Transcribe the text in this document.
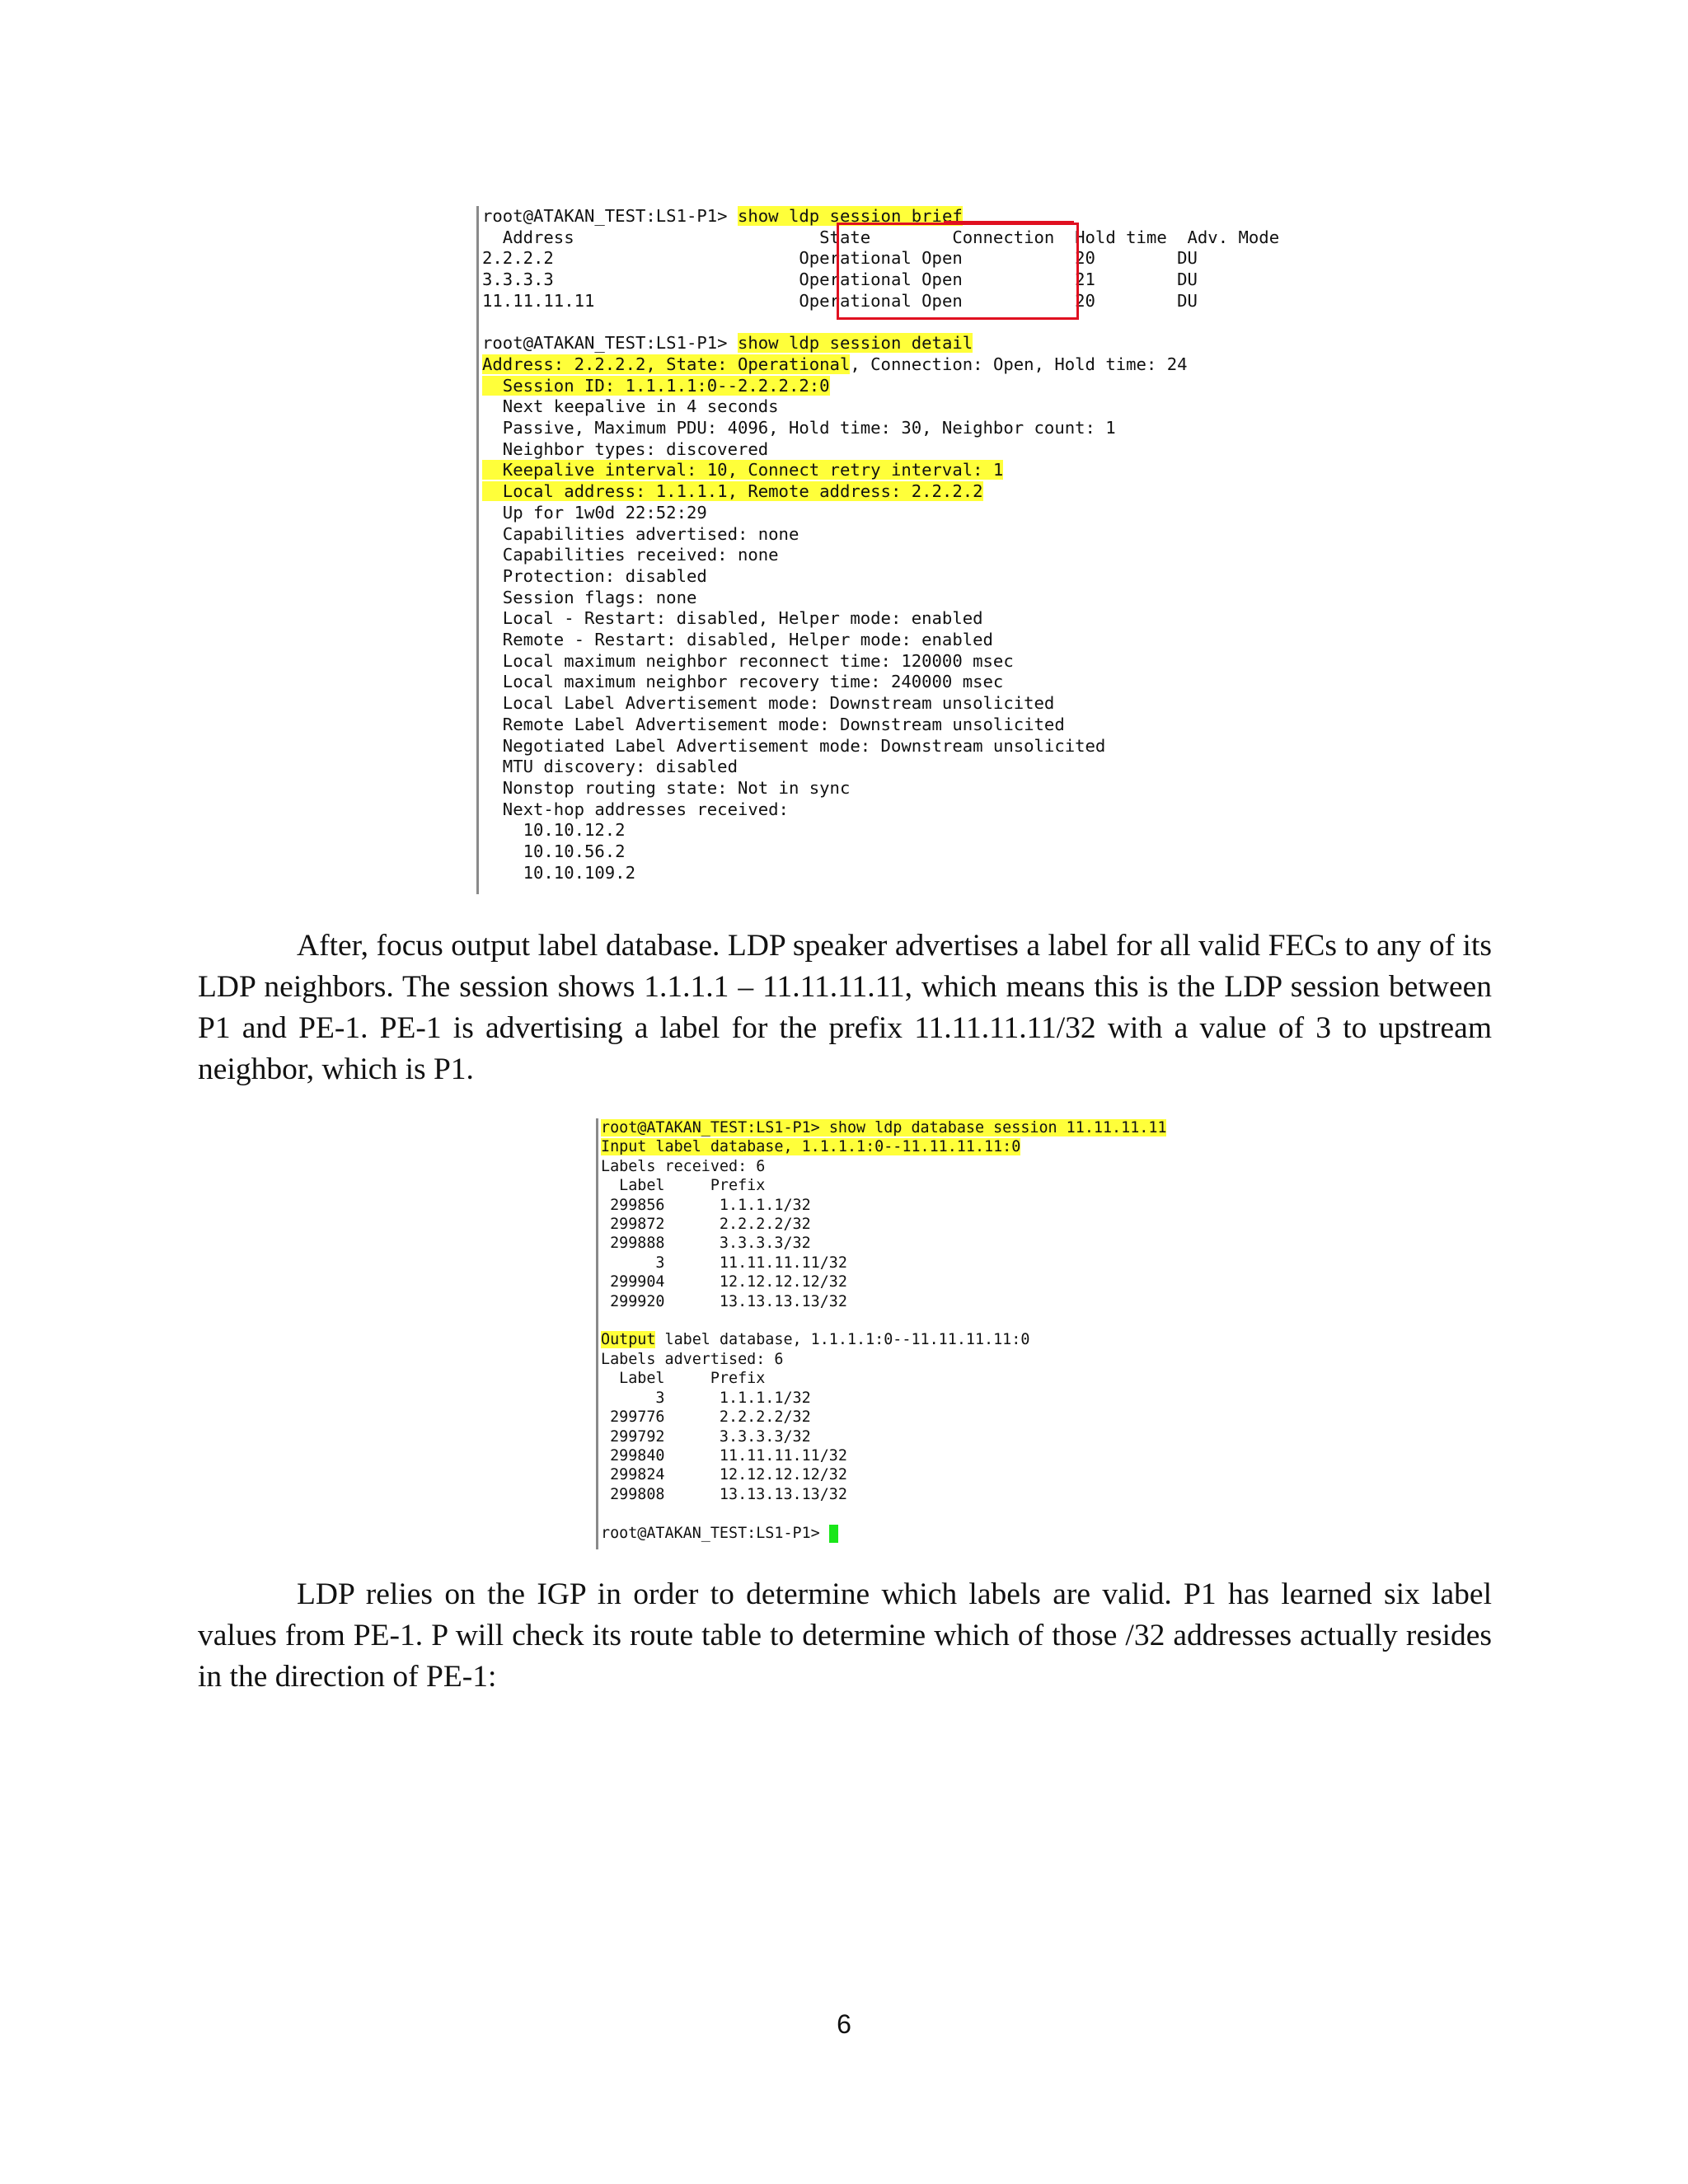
root@ATAKAN_TEST:LS1-P1> show ldp session brief
Address                        State        Connection  Hold time  Adv. Mode
2.2.2.2                        Operational Open           20        DU
3.3.3.3                        Operational Open           21        DU
11.11.11.11                    Operational Open           20        DU

root@ATAKAN_TEST:LS1-P1> show ldp session detail
Address: 2.2.2.2, State: Operational, Connection: Open, Hold time: 24
Session ID: 1.1.1.1:0--2.2.2.2:0
Next keepalive in 4 seconds
Passive, Maximum PDU: 4096, Hold time: 30, Neighbor count: 1
Neighbor types: discovered
Keepalive interval: 10, Connect retry interval: 1
Local address: 1.1.1.1, Remote address: 2.2.2.2
Up for 1w0d 22:52:29
Capabilities advertised: none
Capabilities received: none
Protection: disabled
Session flags: none
Local - Restart: disabled, Helper mode: enabled
Remote - Restart: disabled, Helper mode: enabled
Local maximum neighbor reconnect time: 120000 msec
Local maximum neighbor recovery time: 240000 msec
Local Label Advertisement mode: Downstream unsolicited
Remote Label Advertisement mode: Downstream unsolicited
Negotiated Label Advertisement mode: Downstream unsolicited
MTU discovery: disabled
Nonstop routing state: Not in sync
Next-hop addresses received:
10.10.12.2
10.10.56.2
10.10.109.2

After, focus output label database. LDP speaker advertises a label for all valid FECs to any of its LDP neighbors. The session shows 1.1.1.1 – 11.11.11.11, which means this is the LDP session between P1 and PE-1. PE-1 is advertising a label for the prefix 11.11.11.11/32 with a value of 3 to upstream neighbor, which is P1.

root@ATAKAN_TEST:LS1-P1> show ldp database session 11.11.11.11
Input label database, 1.1.1.1:0--11.11.11.11:0
Labels received: 6
Label     Prefix
299856      1.1.1.1/32
299872      2.2.2.2/32
299888      3.3.3.3/32
3      11.11.11.11/32
299904      12.12.12.12/32
299920      13.13.13.13/32

Output label database, 1.1.1.1:0--11.11.11.11:0
Labels advertised: 6
Label     Prefix
3      1.1.1.1/32
299776      2.2.2.2/32
299792      3.3.3.3/32
299840      11.11.11.11/32
299824      12.12.12.12/32
299808      13.13.13.13/32

root@ATAKAN_TEST:LS1-P1>

LDP relies on the IGP in order to determine which labels are valid. P1 has learned six label values from PE-1. P will check its route table to determine which of those /32 addresses actually resides in the direction of PE-1:

6
